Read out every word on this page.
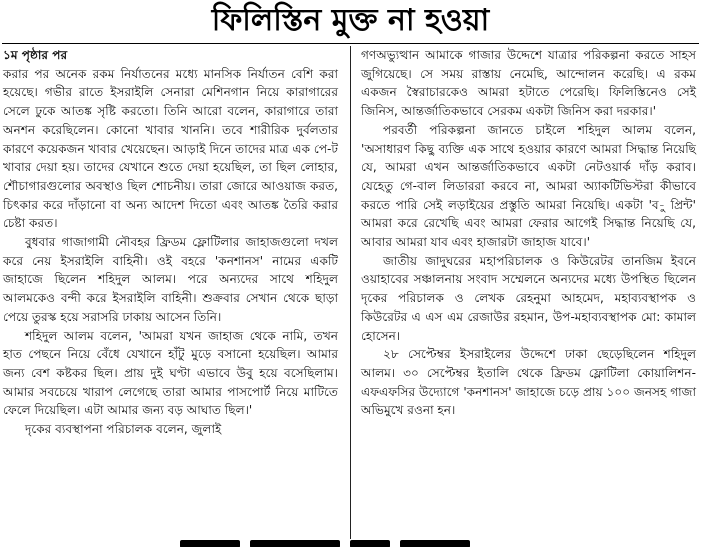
ফিলিস্তিন মুক্ত না হওয়া
১ম পৃষ্ঠার পর

করার পর অনেক রকম নির্যাতনের মধ্যে মানসিক নির্যাতন বেশি করা হয়েছে। গভীর রাতে ইসরাইলি সেনারা মেশিনগান নিয়ে কারাগারের সেলে ঢুকে আতঙ্ক সৃষ্টি করতো। তিনি আরো বলেন, কারাগারে তারা অনশন করেছিলেন। কোনো খাবার খাননি। তবে শারীরিক দুর্বলতার কারণে কয়েকজন খাবার খেয়েছেন। আড়াই দিনে তাদের মাত্র এক পে-ট খাবার দেয়া হয়। তাদের যেখানে শুতে দেয়া হয়েছিল, তা ছিল লোহার, শৌচাগারগুলোর অবস্থাও ছিল শোচনীয়। তারা জোরে আওয়াজ করত, চিৎকার করে দাঁড়ানো বা অন্য আদেশ দিতো এবং আতঙ্ক তৈরি করার চেষ্টা করত।

বুধবার গাজাগামী নৌবহর ফ্রিডম ফ্লোটিলার জাহাজগুলো দখল করে নেয় ইসরাইলি বাহিনী। ওই বহরে 'কনশানস' নামের একটি জাহাজে ছিলেন শহিদুল আলম। পরে অন্যদের সাথে শহিদুল আলমকেও বন্দী করে ইসরাইলি বাহিনী। শুক্রবার সেখান থেকে ছাড়া পেয়ে তুরস্ক হয়ে সরাসরি ঢাকায় আসেন তিনি।

শহিদুল আলম বলেন, 'আমরা যখন জাহাজ থেকে নামি, তখন হাত পেছনে নিয়ে বেঁধে যেখানে হাঁটু মুড়ে বসানো হয়েছিল। আমার জন্য বেশ কষ্টকর ছিল। প্রায় দুই ঘণ্টা এভাবে উবু হয়ে বসেছিলাম। আমার সবচেয়ে খারাপ লেগেছে তারা আমার পাসপোর্ট নিয়ে মাটিতে ফেলে দিয়েছিল। এটা আমার জন্য বড় আঘাত ছিল।'

দৃকের ব্যবস্থাপনা পরিচালক বলেন, জুলাই

গণঅভ্যুত্থান আমাকে গাজার উদ্দেশে যাত্রার পরিকল্পনা করতে সাহস জুগিয়েছে। সে সময় রাস্তায় নেমেছি, আন্দোলন করেছি। এ রকম একজন স্বৈরাচারকেও আমরা হটাতে পেরেছি। ফিলিস্তিনেও সেই জিনিস, আন্তর্জাতিকভাবে সেরকম একটা জিনিস করা দরকার।'

পরবর্তী পরিকল্পনা জানতে চাইলে শহিদুল আলম বলেন, 'অসাধারণ কিছু ব্যক্তি এক সাথে হওয়ার কারণে আমরা সিদ্ধান্ত নিয়েছি যে, আমরা এখন আন্তর্জাতিকভাবে একটা নেটওয়ার্ক দাঁড় করাব। যেহেতু গে-বাল লিডাররা করবে না, আমরা অ্যাকটিভিস্টরা কীভাবে করতে পারি সেই লড়াইয়ের প্রস্তুতি আমরা নিয়েছি। একটা 'ব-ু প্রিন্ট' আমরা করে রেখেছি এবং আমরা ফেরার আগেই সিদ্ধান্ত নিয়েছি যে, আবার আমরা যাব এবং হাজারটা জাহাজ যাবে।'

জাতীয় জাদুঘরের মহাপরিচালক ও কিউরেটর তানজিম ইবনে ওয়াহাবের সঞ্চালনায় সংবাদ সম্মেলনে অন্যদের মধ্যে উপস্থিত ছিলেন দৃকের পরিচালক ও লেখক রেহনুমা আহমেদ, মহাব্যবস্থাপক ও কিউরেটর এ এস এম রেজাউর রহমান, উপ-মহাব্যবস্থাপক মো: কামাল হোসেন।

২৮ সেপ্টেম্বর ইসরাইলের উদ্দেশে ঢাকা ছেড়েছিলেন শহিদুল আলম। ৩০ সেপ্টেম্বর ইতালি থেকে ফ্রিডম ফ্লোটিলা কোয়ালিশন-এফএফসির উদ্যোগে 'কনশানস' জাহাজে চড়ে প্রায় ১০০ জনসহ গাজা অভিমুখে রওনা হন।
